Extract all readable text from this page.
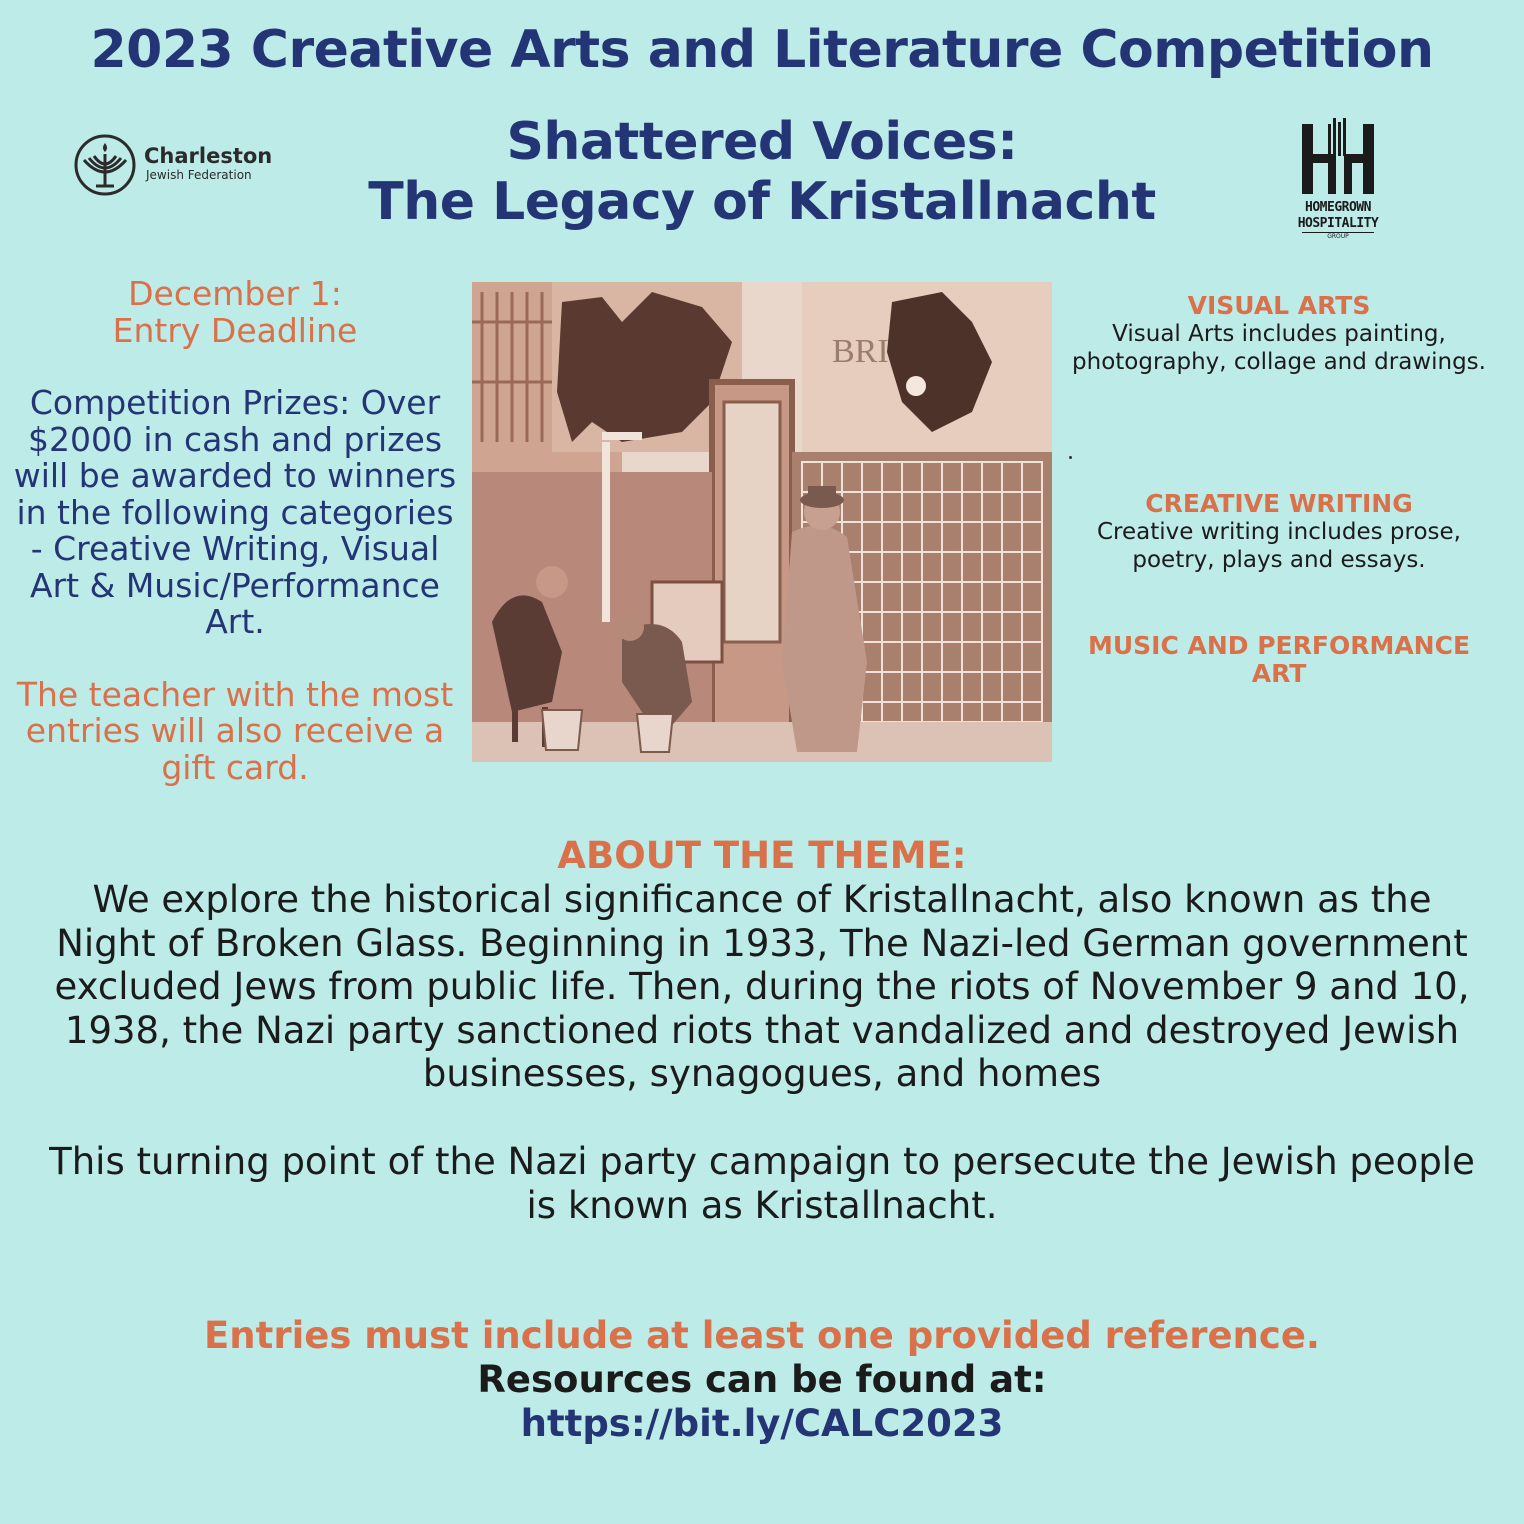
2023 Creative Arts and Literature Competition
Shattered Voices:
The Legacy of Kristallnacht
Charleston
Jewish Federation
HOMEGROWN
HOSPITALITY
GROUP

December 1:
Entry Deadline

Competition Prizes: Over $2000 in cash and prizes will be awarded to winners in the following categories - Creative Writing, Visual Art & Music/Performance Art.

The teacher with the most entries will also receive a gift card.

BRI
VISUAL ARTS
Visual Arts includes painting, photography, collage and drawings.
CREATIVE WRITING
Creative writing includes prose, poetry, plays and essays.
MUSIC AND PERFORMANCE ART
ABOUT THE THEME:
We explore the historical significance of Kristallnacht, also known as the Night of Broken Glass. Beginning in 1933, The Nazi-led German government excluded Jews from public life. Then, during the riots of November 9 and 10, 1938, the Nazi party sanctioned riots that vandalized and destroyed Jewish businesses, synagogues, and homes
This turning point of the Nazi party campaign to persecute the Jewish people is known as Kristallnacht.
Entries must include at least one provided reference.
Resources can be found at:
https://bit.ly/CALC2023
